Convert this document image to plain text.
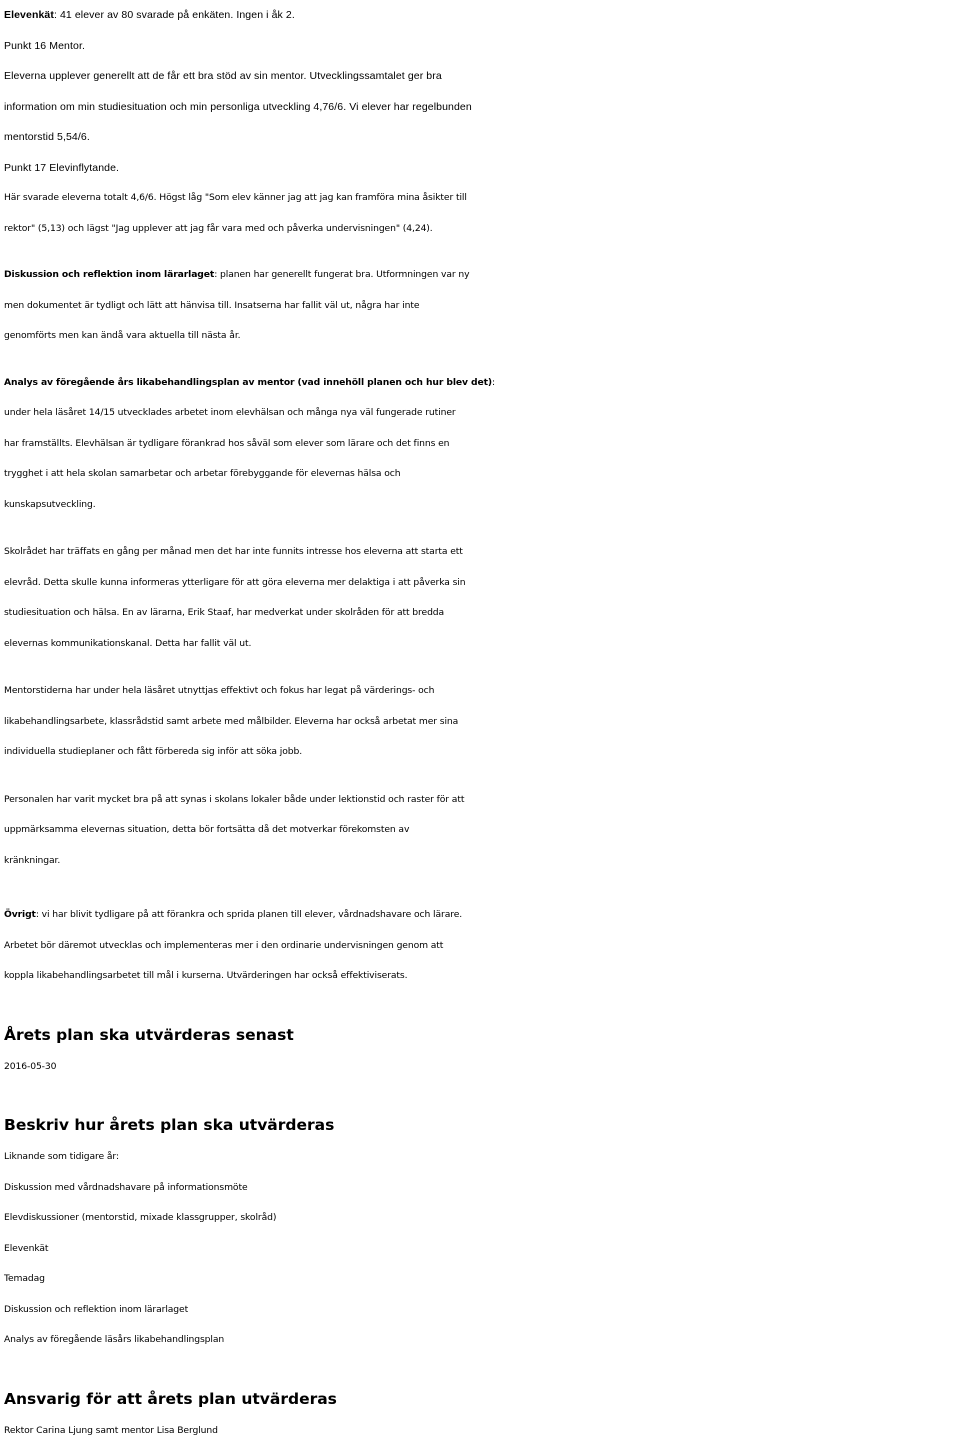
Elevenkät: 41 elever av 80 svarade på enkäten. Ingen i åk 2.
Punkt 16 Mentor.
Eleverna upplever generellt att de får ett bra stöd av sin mentor. Utvecklingssamtalet ger bra
information om min studiesituation och min personliga utveckling 4,76/6. Vi elever har regelbunden
mentorstid 5,54/6.
Punkt 17 Elevinflytande.
Här svarade eleverna totalt 4,6/6. Högst låg "Som elev känner jag att jag kan framföra mina åsikter till
rektor" (5,13) och lägst "Jag upplever att jag får vara med och påverka undervisningen" (4,24).
Diskussion och reflektion inom lärarlaget: planen har generellt fungerat bra. Utformningen var ny
men dokumentet är tydligt och lätt att hänvisa till. Insatserna har fallit väl ut, några har inte
genomförts men kan ändå vara aktuella till nästa år.
Analys av föregående års likabehandlingsplan av mentor (vad innehöll planen och hur blev det):
under hela läsåret 14/15 utvecklades arbetet inom elevhälsan och många nya väl fungerade rutiner
har framställts. Elevhälsan är tydligare förankrad hos såväl som elever som lärare och det finns en
trygghet i att hela skolan samarbetar och arbetar förebyggande för elevernas hälsa och
kunskapsutveckling.
Skolrådet har träffats en gång per månad men det har inte funnits intresse hos eleverna att starta ett
elevråd. Detta skulle kunna informeras ytterligare för att göra eleverna mer delaktiga i att påverka sin
studiesituation och hälsa. En av lärarna, Erik Staaf, har medverkat under skolråden för att bredda
elevernas kommunikationskanal. Detta har fallit väl ut.
Mentorstiderna har under hela läsåret utnyttjas effektivt och fokus har legat på värderings- och
likabehandlingsarbete, klassrådstid samt arbete med målbilder. Eleverna har också arbetat mer sina
individuella studieplaner och fått förbereda sig inför att söka jobb.
Personalen har varit mycket bra på att synas i skolans lokaler både under lektionstid och raster för att
uppmärksamma elevernas situation, detta bör fortsätta då det motverkar förekomsten av
kränkningar.
Övrigt: vi har blivit tydligare på att förankra och sprida planen till elever, vårdnadshavare och lärare.
Arbetet bör däremot utvecklas och implementeras mer i den ordinarie undervisningen genom att
koppla likabehandlingsarbetet till mål i kurserna. Utvärderingen har också effektiviserats.
Årets plan ska utvärderas senast
2016-05-30
Beskriv hur årets plan ska utvärderas
Liknande som tidigare år:
Diskussion med vårdnadshavare på informationsmöte
Elevdiskussioner (mentorstid, mixade klassgrupper, skolråd)
Elevenkät
Temadag
Diskussion och reflektion inom lärarlaget
Analys av föregående läsårs likabehandlingsplan
Ansvarig för att årets plan utvärderas
Rektor Carina Ljung samt mentor Lisa Berglund
